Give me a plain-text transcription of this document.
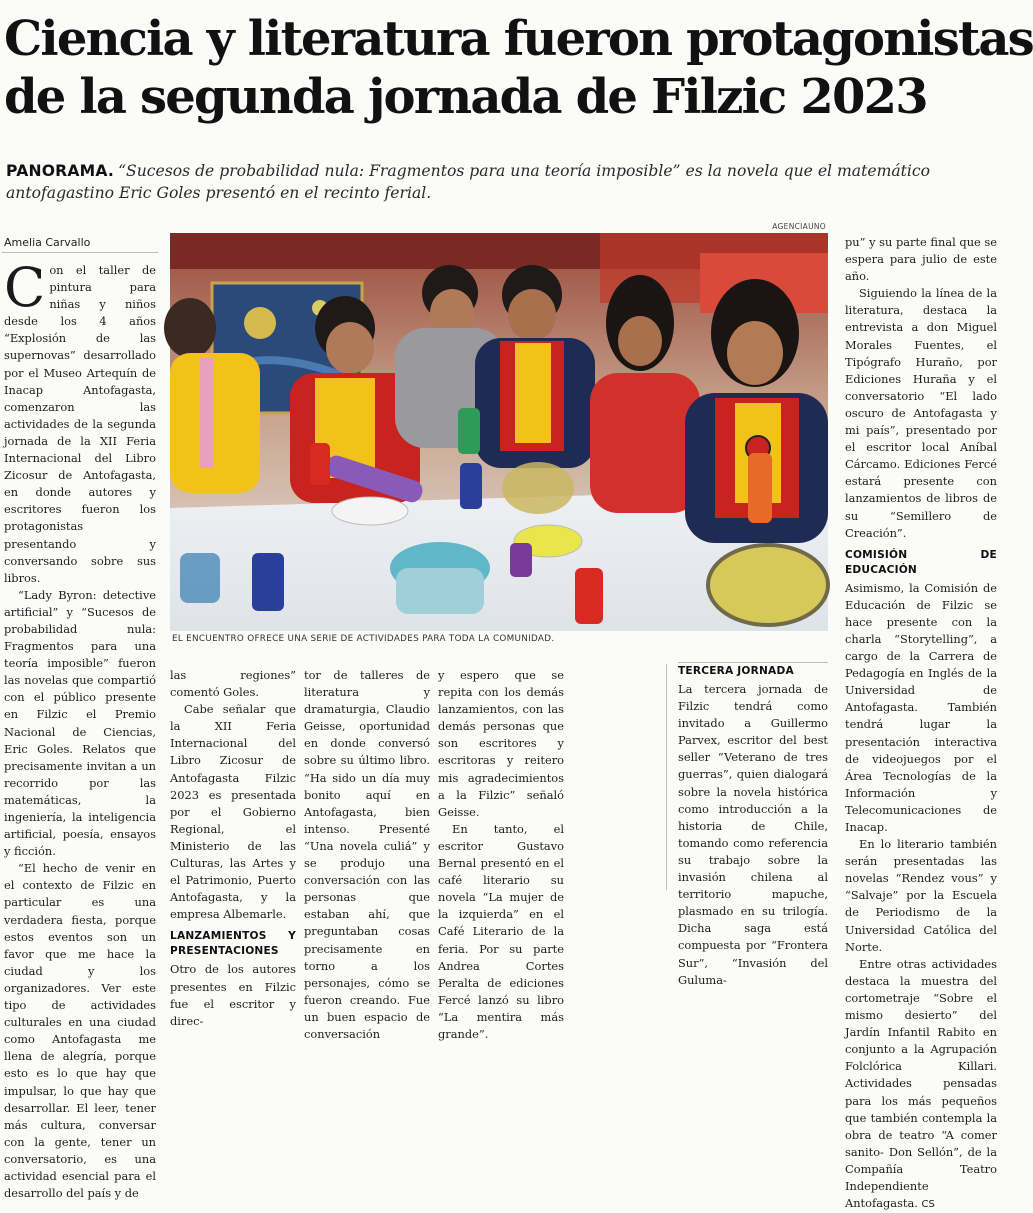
Ciencia y literatura fueron protagonistas
de la segunda jornada de Filzic 2023

PANORAMA. “Sucesos de probabilidad nula: Fragmentos para una teoría imposible” es la novela que el matemático antofagastino Eric Goles presentó en el recinto ferial.

Amelia Carvallo
AGENCIAUNO
EL ENCUENTRO OFRECE UNA SERIE DE ACTIVIDADES PARA TODA LA COMUNIDAD.

Con el taller de pintura para niñas y niños desde los 4 años “Explosión de las supernovas” desarrollado por el Museo Artequín de Inacap Antofagasta, comenzaron las actividades de la segunda jornada de la XII Feria Internacional del Libro Zicosur de Antofagasta, en donde autores y escritores fueron los protagonistas presentando y conversando sobre sus libros.

“Lady Byron: detective artificial” y “Sucesos de probabilidad nula: Fragmentos para una teoría imposible” fueron las novelas que compartió con el público presente en Filzic el Premio Nacional de Ciencias, Eric Goles. Relatos que precisamente invitan a un recorrido por las matemáticas, la ingeniería, la inteligencia artificial, poesía, ensayos y ficción.

“El hecho de venir en el contexto de Filzic en particular es una verdadera fiesta, porque estos eventos son un favor que me hace la ciudad y los organizadores. Ver este tipo de actividades culturales en una ciudad como Antofagasta me llena de alegría, porque esto es lo que hay que impulsar, lo que hay que desarrollar. El leer, tener más cultura, conversar con la gente, tener un conversatorio, es una actividad esencial para el desarrollo del país y de

las regiones” comentó Goles.

Cabe señalar que la XII Feria Internacional del Libro Zicosur de Antofagasta Filzic 2023 es presentada por el Gobierno Regional, el Ministerio de las Culturas, las Artes y el Patrimonio, Puerto Antofagasta, y la empresa Albemarle.

LANZAMIENTOS Y PRESENTACIONES

Otro de los autores presentes en Filzic fue el escritor y direc-

tor de talleres de literatura y dramaturgia, Claudio Geisse, oportunidad en donde conversó sobre su último libro. “Ha sido un día muy bonito aquí en Antofagasta, bien intenso. Presenté “Una novela culiá” y se produjo una conversación con las personas que estaban ahí, que preguntaban cosas precisamente en torno a los personajes, cómo se fueron creando. Fue un buen espacio de conversación

y espero que se repita con los demás lanzamientos, con las demás personas que son escritores y escritoras y reitero mis agradecimientos a la Filzic” señaló Geisse.

En tanto, el escritor Gustavo Bernal presentó en el café literario su novela “La mujer de la izquierda” en el Café Literario de la feria. Por su parte Andrea Cortes Peralta de ediciones Fercé lanzó su libro “La mentira más grande”.

TERCERA JORNADA

La tercera jornada de Filzic tendrá como invitado a Guillermo Parvex, escritor del best seller “Veterano de tres guerras”, quien dialogará sobre la novela histórica como introducción a la historia de Chile, tomando como referencia su trabajo sobre la invasión chilena al territorio mapuche, plasmado en su trilogía. Dicha saga está compuesta por “Frontera Sur”, “Invasión del Guluma-

pu” y su parte final que se espera para julio de este año.

Siguiendo la línea de la literatura, destaca la entrevista a don Miguel Morales Fuentes, el Tipógrafo Huraño, por Ediciones Huraña y el conversatorio “El lado oscuro de Antofagasta y mi país”, presentado por el escritor local Aníbal Cárcamo. Ediciones Fercé estará presente con lanzamientos de libros de su “Semillero de Creación”.

COMISIÓN DE EDUCACIÓN

Asimismo, la Comisión de Educación de Filzic se hace presente con la charla “Storytelling”, a cargo de la Carrera de Pedagogía en Inglés de la Universidad de Antofagasta. También tendrá lugar la presentación interactiva de videojuegos por el Área Tecnologías de la Información y Telecomunicaciones de Inacap.

En lo literario también serán presentadas las novelas “Rendez vous” y “Salvaje” por la Escuela de Periodismo de la Universidad Católica del Norte.

Entre otras actividades destaca la muestra del cortometraje “Sobre el mismo desierto” del Jardín Infantil Rabito en conjunto a la Agrupación Folclórica Killari. Actividades pensadas para los más pequeños que también contempla la obra de teatro “A comer sanito- Don Sellón”, de la Compañía Teatro Independiente Antofagasta. CS
